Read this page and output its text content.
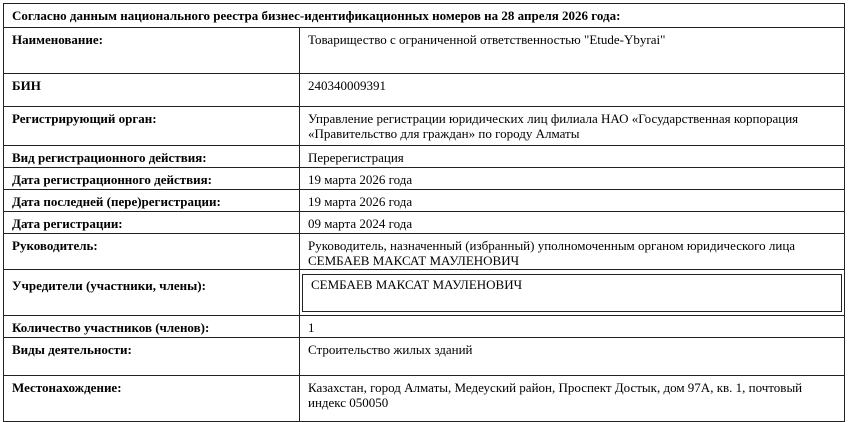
Согласно данным национального реестра бизнес-идентификационных номеров на 28 апреля 2026 года:
Наименование:	Товарищество с ограниченной ответственностью "Etude-Ybyrai"
БИН	240340009391
Регистрирующий орган:	Управление регистрации юридических лиц филиала НАО «Государственная корпорация «Правительство для граждан» по городу Алматы
Вид регистрационного действия:	Перерегистрация
Дата регистрационного действия:	19 марта 2026 года
Дата последней (пере)регистрации:	19 марта 2026 года
Дата регистрации:	09 марта 2024 года
Руководитель:	Руководитель, назначенный (избранный) уполномоченным органом юридического лица СЕМБАЕВ МАКСАТ МАУЛЕНОВИЧ
Учредители (участники, члены):	СЕМБАЕВ МАКСАТ МАУЛЕНОВИЧ
Количество участников (членов):	1
Виды деятельности:	Строительство жилых зданий
Местонахождение:	Казахстан, город Алматы, Медеуский район, Проспект Достык, дом 97А, кв. 1, почтовый индекс 050050
